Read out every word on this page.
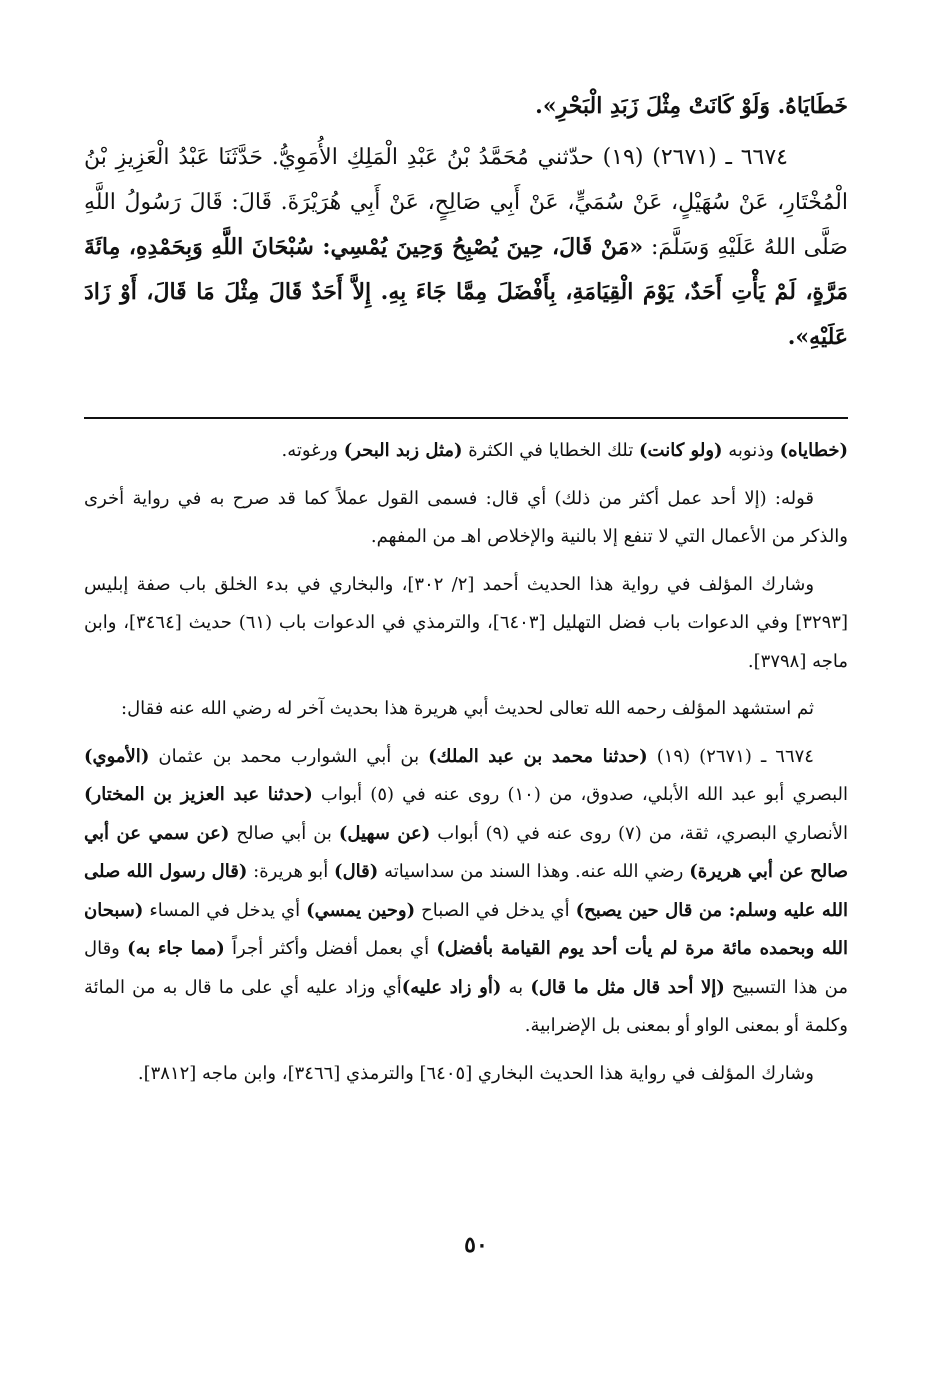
خَطَايَاهُ. وَلَوْ كَانَتْ مِثْلَ زَبَدِ الْبَحْرِ».

٦٦٧٤ ـ (٢٦٧١) (١٩) حدّثني مُحَمَّدُ بْنُ عَبْدِ الْمَلِكِ الأُمَوِيُّ. حَدَّثَنَا عَبْدُ الْعَزِيزِ بْنُ الْمُخْتَارِ، عَنْ سُهَيْلٍ، عَنْ سُمَيٍّ، عَنْ أَبِي صَالِحٍ، عَنْ أَبِي هُرَيْرَةَ. قَالَ: قَالَ رَسُولُ اللَّهِ صَلَّى اللهُ عَلَيْهِ وَسَلَّمَ: «مَنْ قَالَ، حِينَ يُصْبِحُ وَحِينَ يُمْسِي: سُبْحَانَ اللَّهِ وَبِحَمْدِهِ، مِائَةَ مَرَّةٍ، لَمْ يَأْتِ أَحَدٌ، يَوْمَ الْقِيَامَةِ، بِأَفْضَلَ مِمَّا جَاءَ بِهِ. إِلاَّ أَحَدٌ قَالَ مِثْلَ مَا قَالَ، أَوْ زَادَ عَلَيْهِ».

(خطاياه) وذنوبه (ولو كانت) تلك الخطايا في الكثرة (مثل زبد البحر) ورغوته.

قوله: (إلا أحد عمل أكثر من ذلك) أي قال: فسمى القول عملاً كما قد صرح به في رواية أخرى والذكر من الأعمال التي لا تنفع إلا بالنية والإخلاص اهـ من المفهم.

وشارك المؤلف في رواية هذا الحديث أحمد [٢/ ٣٠٢]، والبخاري في بدء الخلق باب صفة إبليس [٣٢٩٣] وفي الدعوات باب فضل التهليل [٦٤٠٣]، والترمذي في الدعوات باب (٦١) حديث [٣٤٦٤]، وابن ماجه [٣٧٩٨].

ثم استشهد المؤلف رحمه الله تعالى لحديث أبي هريرة هذا بحديث آخر له رضي الله عنه فقال:

٦٦٧٤ ـ (٢٦٧١) (١٩) (حدثنا محمد بن عبد الملك) بن أبي الشوارب محمد بن عثمان (الأموي) البصري أبو عبد الله الأبلي، صدوق، من (١٠) روى عنه في (٥) أبواب (حدثنا عبد العزيز بن المختار) الأنصاري البصري، ثقة، من (٧) روى عنه في (٩) أبواب (عن سهيل) بن أبي صالح (عن سمي عن أبي صالح عن أبي هريرة) رضي الله عنه. وهذا السند من سداسياته (قال) أبو هريرة: (قال رسول الله صلى الله عليه وسلم: من قال حين يصبح) أي يدخل في الصباح (وحين يمسي) أي يدخل في المساء (سبحان الله وبحمده مائة مرة لم يأت أحد يوم القيامة بأفضل) أي بعمل أفضل وأكثر أجراً (مما جاء به) وقال من هذا التسبيح (إلا أحد قال مثل ما قال) به (أو زاد عليه)أي وزاد عليه أي على ما قال به من المائة وكلمة أو بمعنى الواو أو بمعنى بل الإضرابية.

وشارك المؤلف في رواية هذا الحديث البخاري [٦٤٠٥] والترمذي [٣٤٦٦]، وابن ماجه [٣٨١٢].

٥٠
